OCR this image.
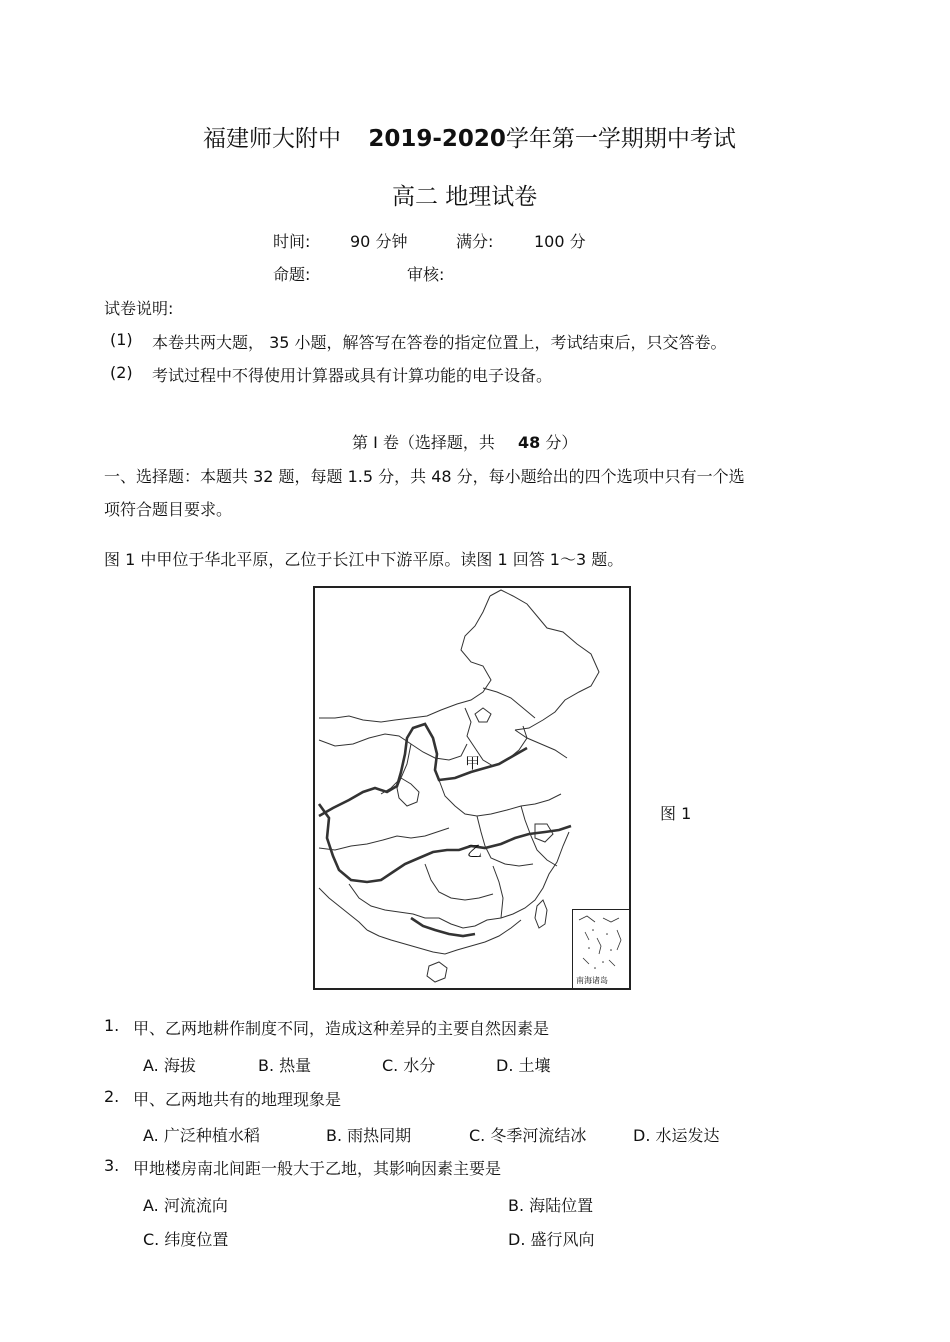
福建师大附中 2019-2020学年第一学期期中考试
高二 地理试卷
时间: 90 分钟	满分:	100 分
命题:	审核:
试卷说明:
(1) 本卷共两大题， 35 小题，解答写在答卷的指定位置上，考试结束后，只交答卷。
(2) 考试过程中不得使用计算器或具有计算功能的电子设备。
第 I 卷（选择题，共 48 分）
一、选择题：本题共 32 题，每题 1.5 分，共 48 分，每小题给出的四个选项中只有一个选
项符合题目要求。
图 1 中甲位于华北平原，乙位于长江中下游平原。读图 1 回答 1～3 题。
甲
乙
南海诸岛
图 1
1. 甲、乙两地耕作制度不同，造成这种差异的主要自然因素是
A. 海拔	B. 热量	C. 水分	D. 土壤
2. 甲、乙两地共有的地理现象是
A. 广泛种植水稻	B. 雨热同期	C. 冬季河流结冰	D. 水运发达
3. 甲地楼房南北间距一般大于乙地，其影响因素主要是
A. 河流流向	B. 海陆位置
C. 纬度位置	D. 盛行风向
